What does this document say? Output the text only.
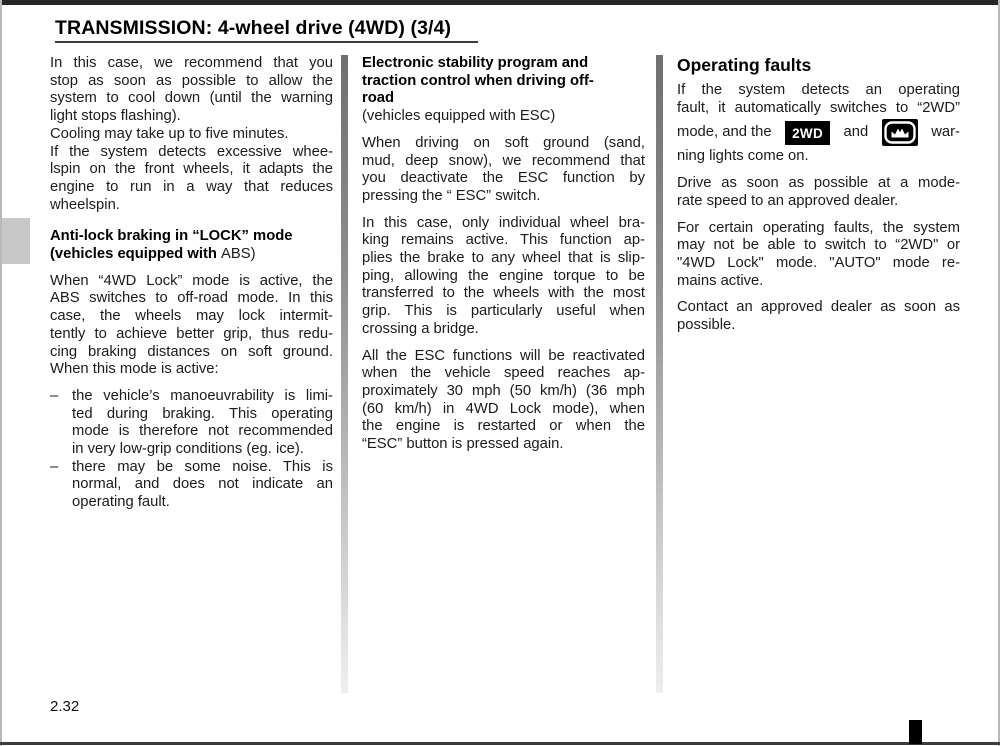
TRANSMISSION: 4-wheel drive (4WD) (3/4)
In this case, we recommend that you
stop as soon as possible to allow the
system to cool down (until the warning
light stops flashing).
Cooling may take up to five minutes.
If the system detects excessive whee-
lspin on the front wheels, it adapts the
engine to run in a way that reduces
wheelspin.
Anti-lock braking in “LOCK” mode
(vehicles equipped with ABS)
When “4WD Lock” mode is active, the
ABS switches to off-road mode. In this
case, the wheels may lock intermit-
tently to achieve better grip, thus redu-
cing braking distances on soft ground.
When this mode is active:
– the vehicle’s manoeuvrability is limi-
ted during braking. This operating
mode is therefore not recommended
in very low-grip conditions (eg. ice).
– there may be some noise. This is
normal, and does not indicate an
operating fault.
Electronic stability program and
traction control when driving off-
road
(vehicles equipped with ESC)
When driving on soft ground (sand,
mud, deep snow), we recommend that
you deactivate the ESC function by
pressing the “ ESC” switch.
In this case, only individual wheel bra-
king remains active. This function ap-
plies the brake to any wheel that is slip-
ping, allowing the engine torque to be
transferred to the wheels with the most
grip. This is particularly useful when
crossing a bridge.
All the ESC functions will be reactivated
when the vehicle speed reaches ap-
proximately 30 mph (50 km/h) (36 mph
(60 km/h) in 4WD Lock mode), when
the engine is restarted or when the
“ESC” button is pressed again.
Operating faults
If the system detects an operating
fault, it automatically switches to “2WD”
mode, and the	2WD	and	war-
ning lights come on.
Drive as soon as possible at a mode-
rate speed to an approved dealer.
For certain operating faults, the system
may not be able to switch to “2WD" or
"4WD Lock" mode. "AUTO" mode re-
mains active.
Contact an approved dealer as soon as
possible.
2.32
